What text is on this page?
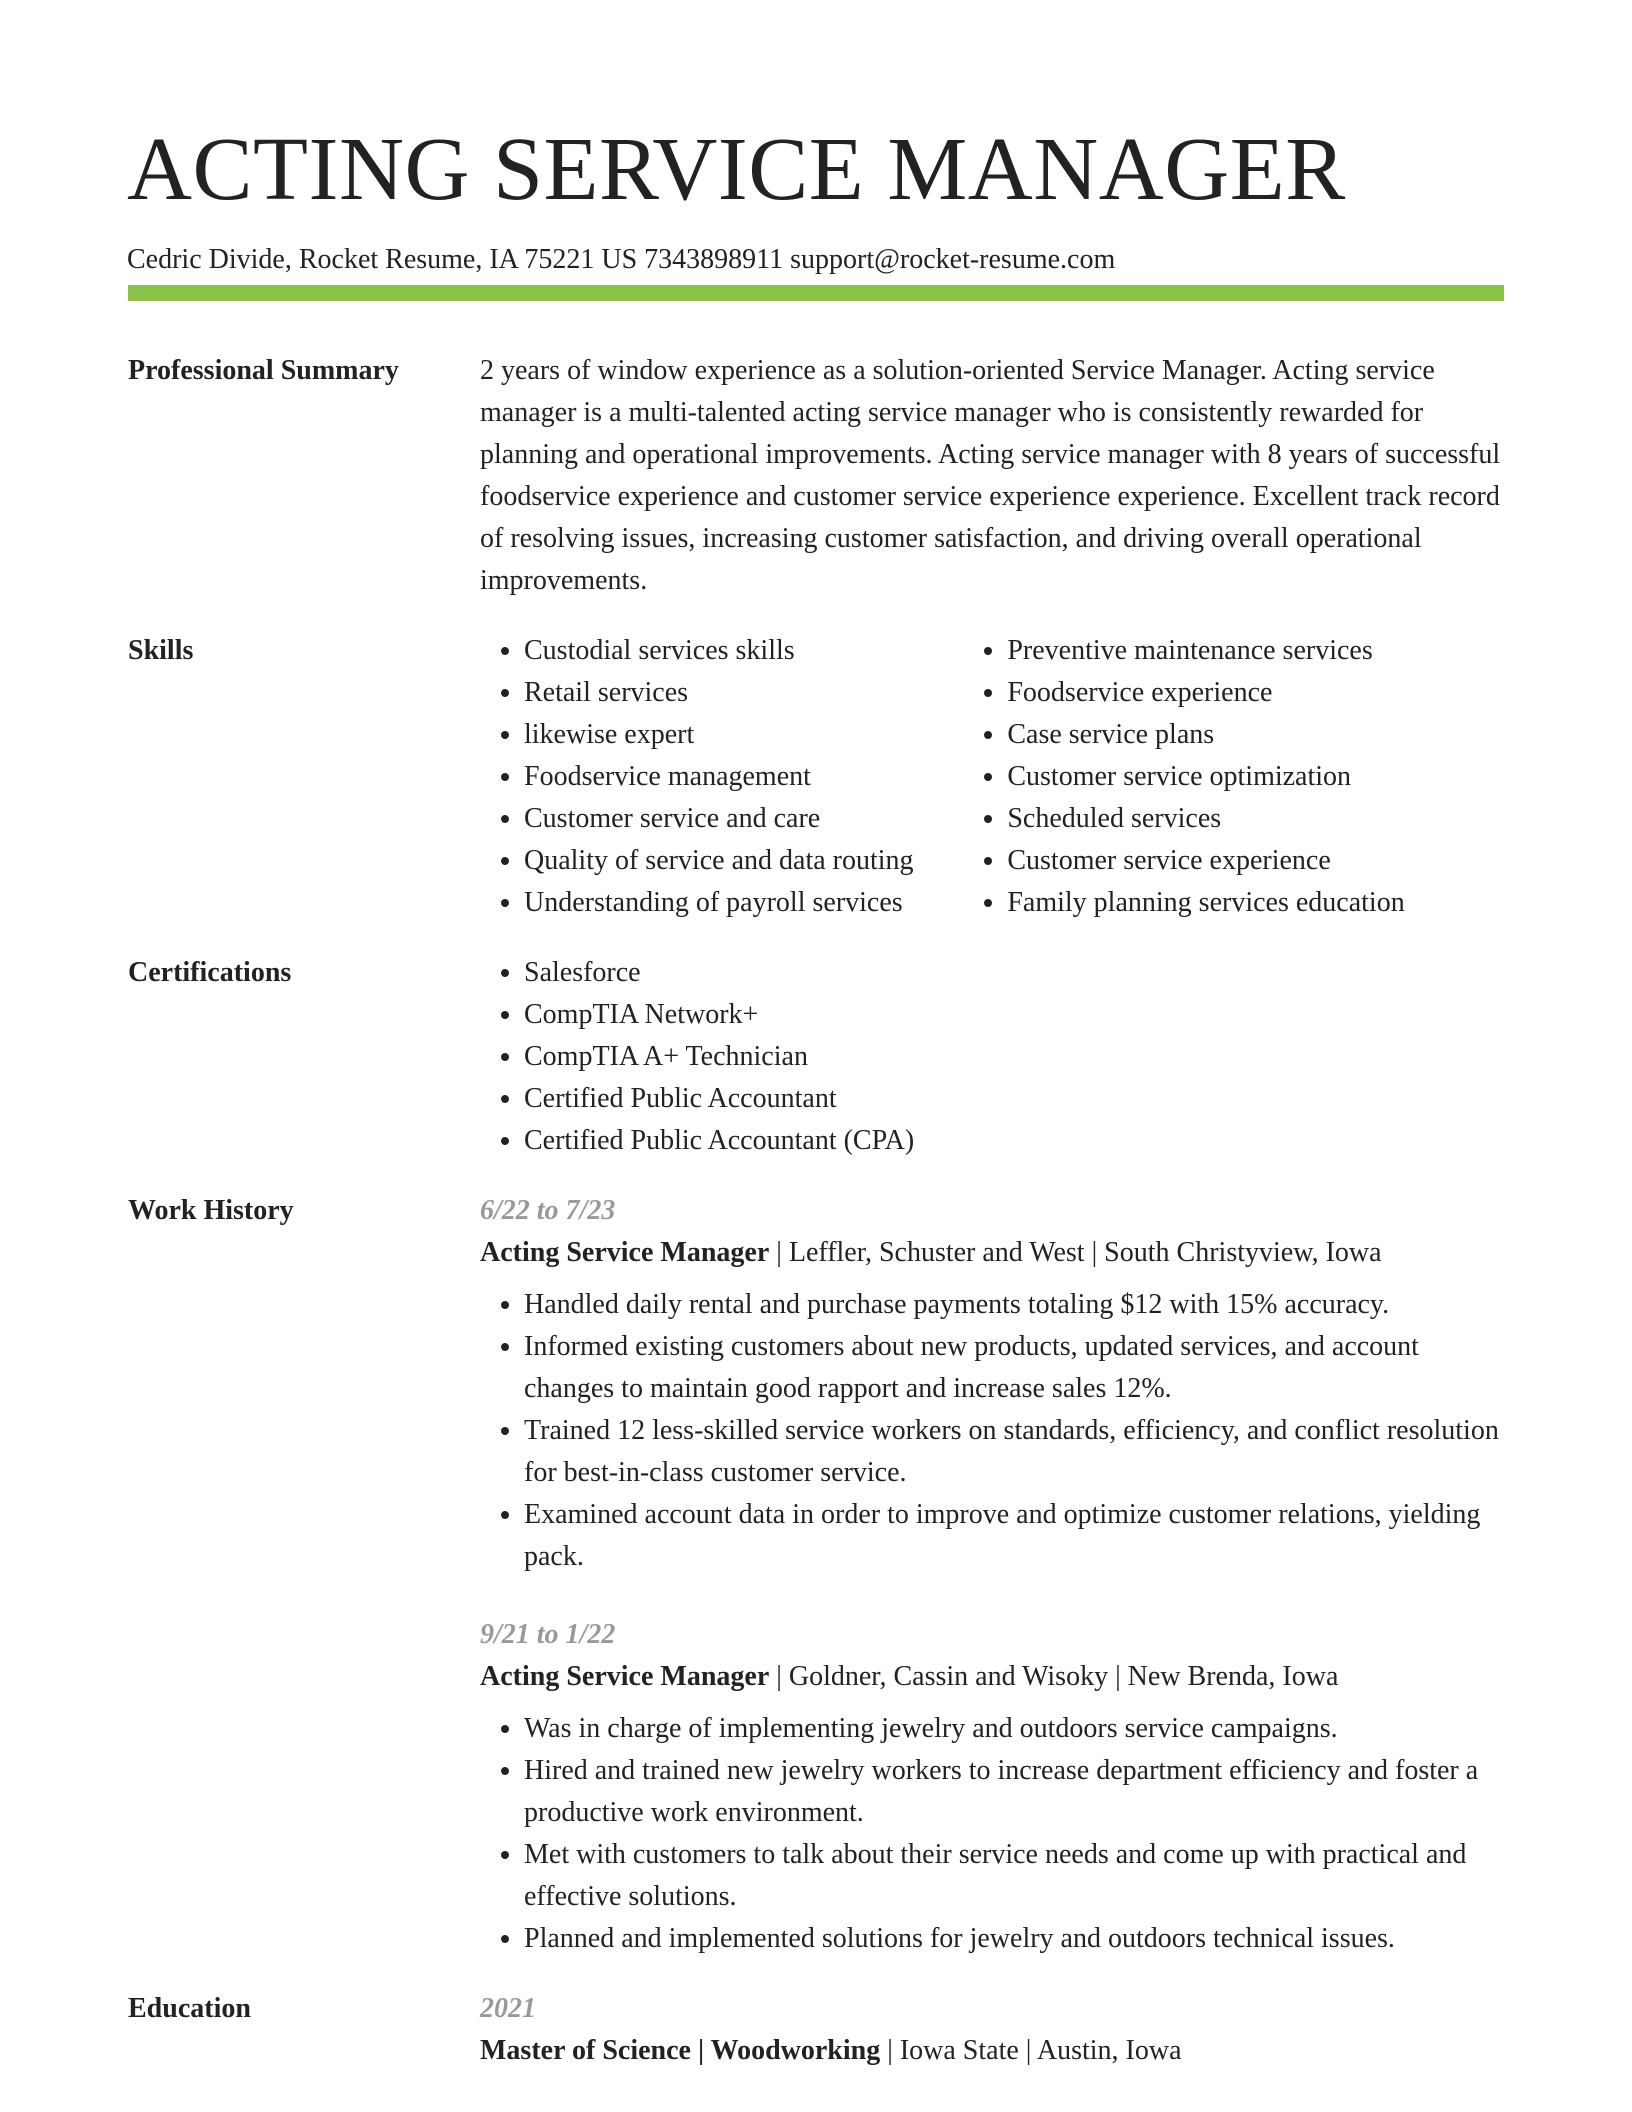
ACTING SERVICE MANAGER
Cedric Divide, Rocket Resume, IA 75221 US 7343898911 support@rocket-resume.com
Professional Summary	2 years of window experience as a solution-oriented Service Manager. Acting service manager is a multi-talented acting service manager who is consistently rewarded for planning and operational improvements. Acting service manager with 8 years of successful foodservice experience and customer service experience experience. Excellent track record of resolving issues, increasing customer satisfaction, and driving overall operational improvements.

Skills	• Custodial services skills
• Retail services
• likewise expert
• Foodservice management
• Customer service and care
• Quality of service and data routing
• Understanding of payroll services
• Preventive maintenance services
• Foodservice experience
• Case service plans
• Customer service optimization
• Scheduled services
• Customer service experience
• Family planning services education
Certifications	• Salesforce
• CompTIA Network+
• CompTIA A+ Technician
• Certified Public Accountant
• Certified Public Accountant (CPA)
Work History	6/22 to 7/23
Acting Service Manager | Leffler, Schuster and West | South Christyview, Iowa
• Handled daily rental and purchase payments totaling $12 with 15% accuracy.
• Informed existing customers about new products, updated services, and account changes to maintain good rapport and increase sales 12%.
• Trained 12 less-skilled service workers on standards, efficiency, and conflict resolution for best-in-class customer service.
• Examined account data in order to improve and optimize customer relations, yielding pack.
9/21 to 1/22
Acting Service Manager | Goldner, Cassin and Wisoky | New Brenda, Iowa
• Was in charge of implementing jewelry and outdoors service campaigns.
• Hired and trained new jewelry workers to increase department efficiency and foster a productive work environment.
• Met with customers to talk about their service needs and come up with practical and effective solutions.
• Planned and implemented solutions for jewelry and outdoors technical issues.
Education	2021
Master of Science | Woodworking | Iowa State | Austin, Iowa
